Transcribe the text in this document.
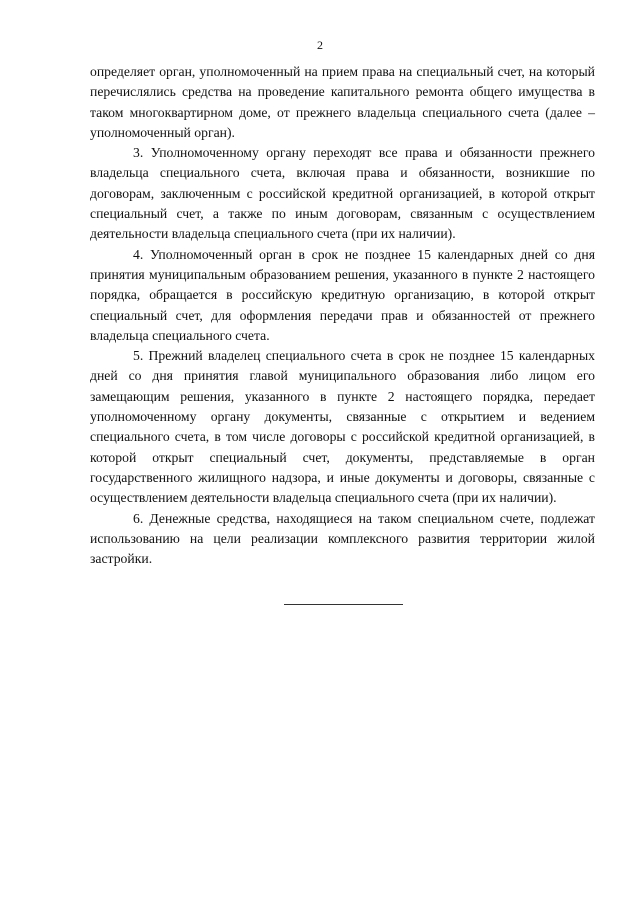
2

определяет орган, уполномоченный на прием права на специальный счет, на который перечислялись средства на проведение капитального ремонта общего имущества в таком многоквартирном доме, от прежнего владельца специального счета (далее – уполномоченный орган).

3. Уполномоченному органу переходят все права и обязанности прежнего владельца специального счета, включая права и обязанности, возникшие по договорам, заключенным с российской кредитной организацией, в которой открыт специальный счет, а также по иным договорам, связанным с осуществлением деятельности владельца специального счета (при их наличии).

4. Уполномоченный орган в срок не позднее 15 календарных дней со дня принятия муниципальным образованием решения, указанного в пункте 2 настоящего порядка, обращается в российскую кредитную организацию, в которой открыт специальный счет, для оформления передачи прав и обязанностей от прежнего владельца специального счета.

5. Прежний владелец специального счета в срок не позднее 15 календарных дней со дня принятия главой муниципального образования либо лицом его замещающим решения, указанного в пункте 2 настоящего порядка, передает уполномоченному органу документы, связанные с открытием и ведением специального счета, в том числе договоры с российской кредитной организацией, в которой открыт специальный счет, документы, представляемые в орган государственного жилищного надзора, и иные документы и договоры, связанные с осуществлением деятельности владельца специального счета (при их наличии).

6. Денежные средства, находящиеся на таком специальном счете, подлежат использованию на цели реализации комплексного развития территории жилой застройки.
